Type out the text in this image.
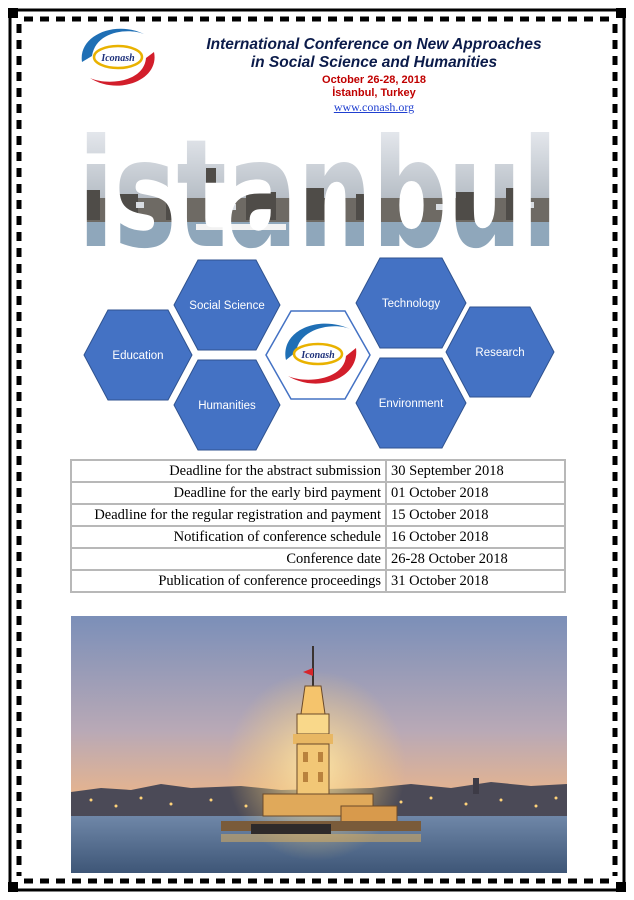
Iconash
International Conference on New Approaches
in Social Science and Humanities
October 26-28, 2018
İstanbul, Turkey
www.conash.org
istanbul
Social Science	Technology
Education	Research
Humanities	Environment
Iconash
Deadline for the abstract submission	30 September 2018
Deadline for the early bird payment	01 October 2018
Deadline for the regular registration and payment	15 October 2018
Notification of conference schedule	16 October 2018
Conference date	26-28 October 2018
Publication of conference proceedings	31 October 2018
